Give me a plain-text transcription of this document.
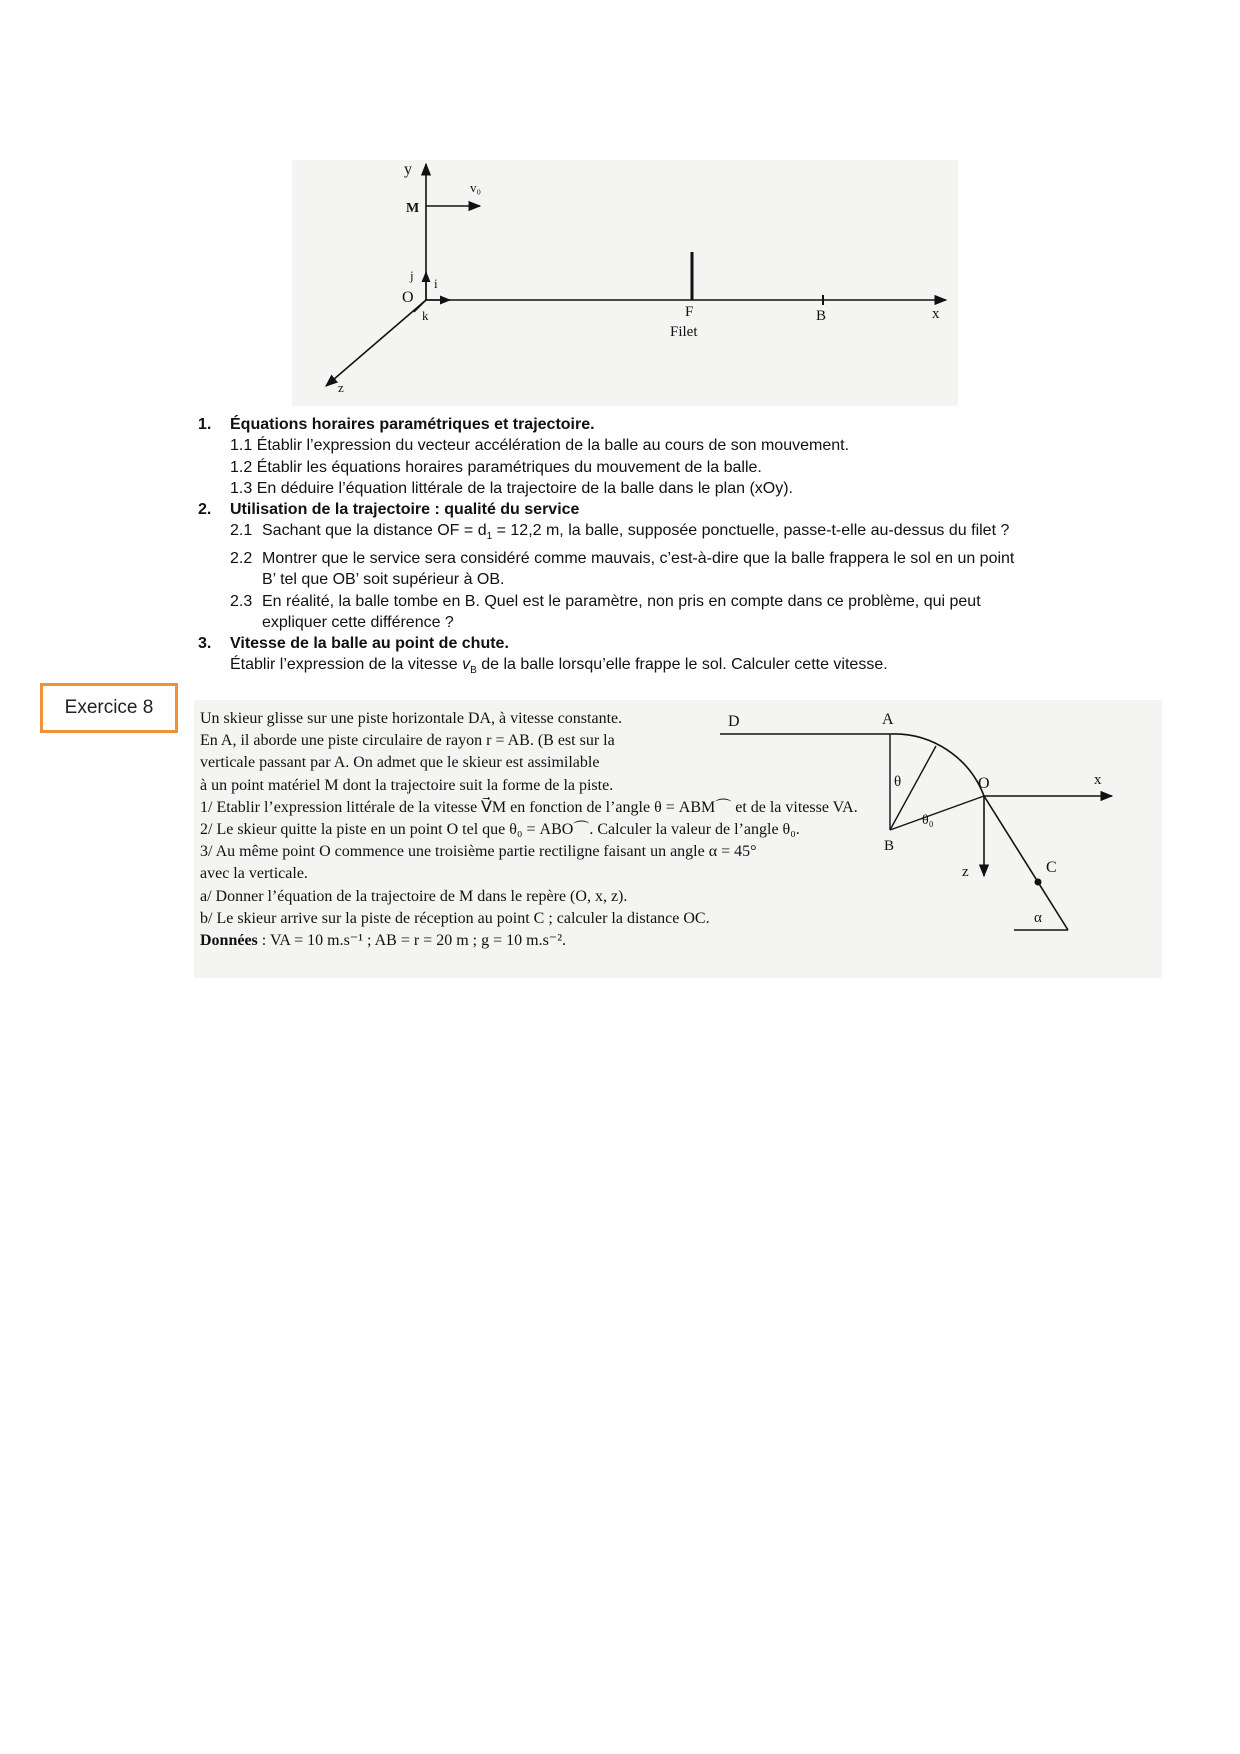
y
M
v₀
O
j
i
k	F
Filet
B	x
z
1. Équations horaires paramétriques et trajectoire.
1.1 Établir l’expression du vecteur accélération de la balle au cours de son mouvement.
1.2 Établir les équations horaires paramétriques du mouvement de la balle.
1.3 En déduire l’équation littérale de la trajectoire de la balle dans le plan (xOy).
2. Utilisation de la trajectoire : qualité du service
2.1 Sachant que la distance OF = $d_1 = 12,2$ m, la balle, supposée ponctuelle, passe-t-elle au-dessus du filet ?
2.2 Montrer que le service sera considéré comme mauvais, c’est-à-dire que la balle frappera le sol en un point
B’ tel que OB’ soit supérieur à OB.
2.3 En réalité, la balle tombe en B. Quel est le paramètre, non pris en compte dans ce problème, qui peut
expliquer cette différence ?
3. Vitesse de la balle au point de chute.
Établir l’expression de la vitesse $v_B$ de la balle lorsqu’elle frappe le sol. Calculer cette vitesse.
Exercice 8
D	A
O	x
B
z	C
θ
θ₀
α
Un skieur glisse sur une piste horizontale DA, à vitesse constante.
En A, il aborde une piste circulaire de rayon r = AB. (B est sur la
verticale passant par A. On admet que le skieur est assimilable
à un point matériel M dont la trajectoire suit la forme de la piste.
1/ Etablir l’expression littérale de la vitesse V⃗M en fonction de l’angle θ = ABM⌒ et de la vitesse VA.
2/ Le skieur quitte la piste en un point O tel que θ₀ = ABO⌒. Calculer la valeur de l’angle θ₀.
3/ Au même point O commence une troisième partie rectiligne faisant un angle α = 45°
avec la verticale.
a/ Donner l’équation de la trajectoire de M dans le repère (O, x, z).
b/ Le skieur arrive sur la piste de réception au point C ; calculer la distance OC.
Données : VA = 10 m.s⁻¹ ; AB = r = 20 m ; g = 10 m.s⁻².
